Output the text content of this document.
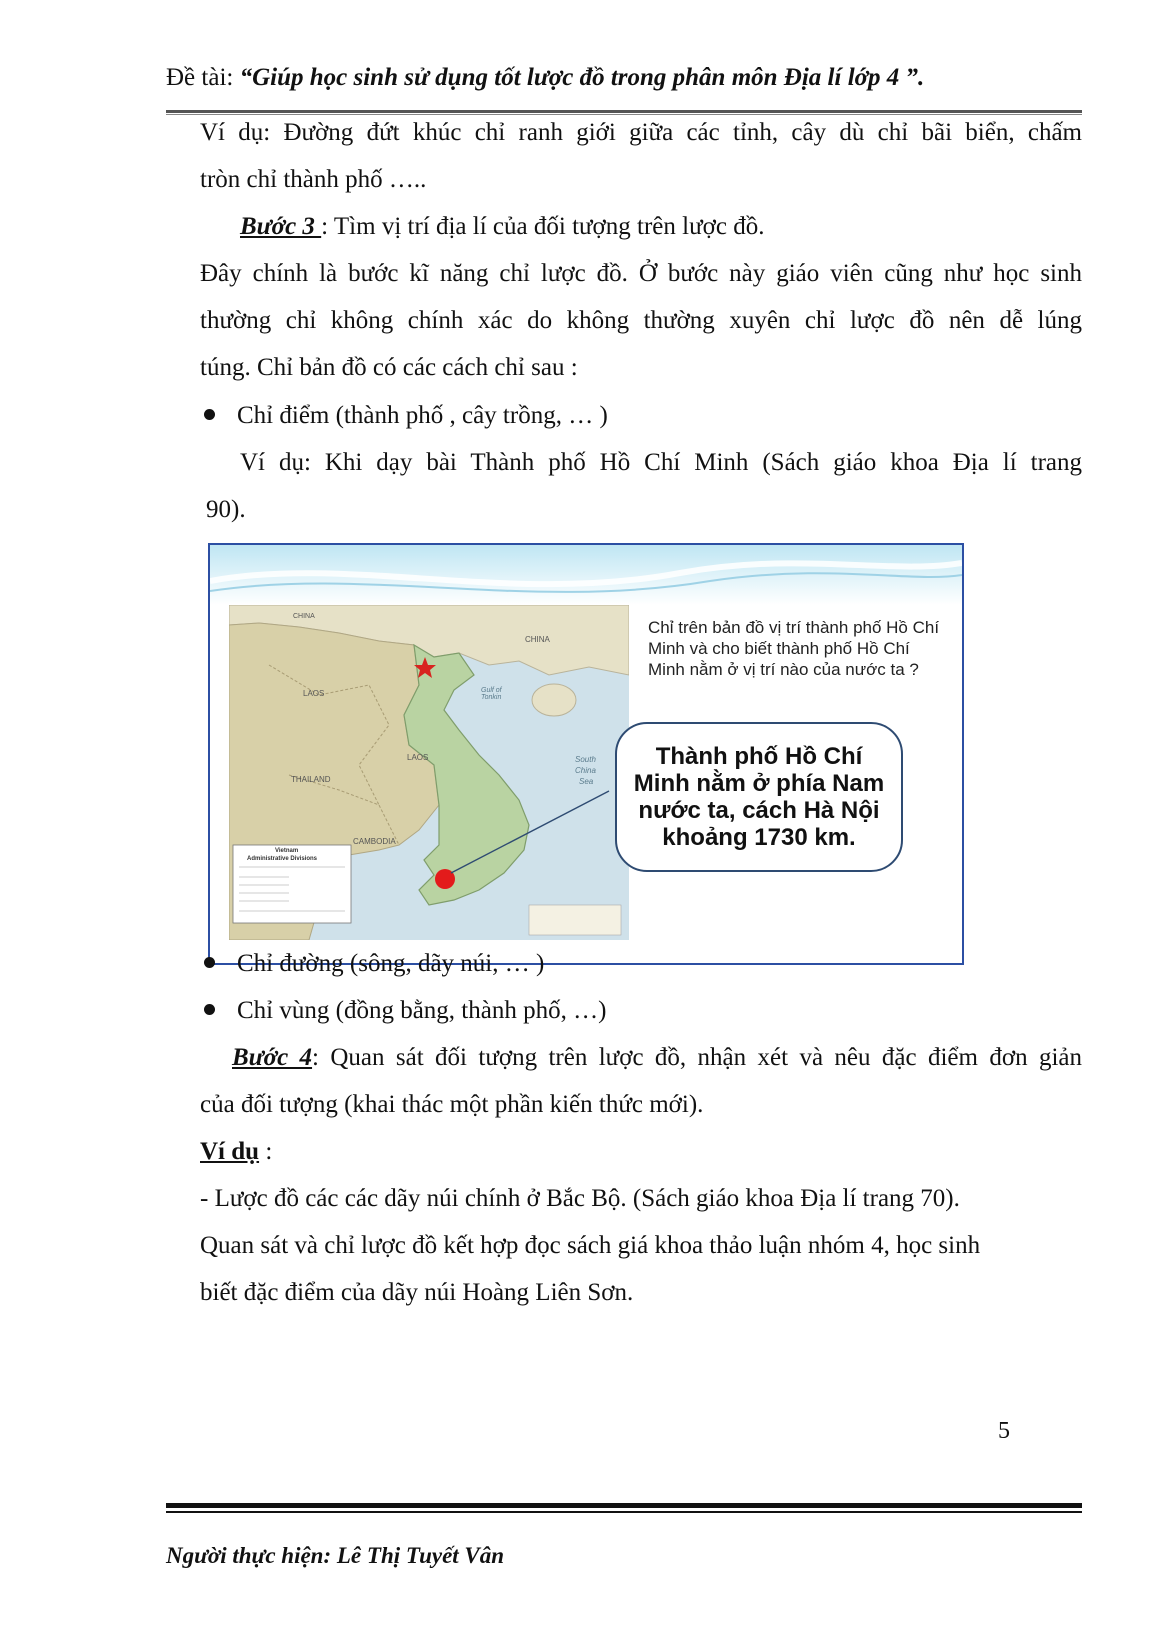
Đề tài: “Giúp học sinh sử dụng tốt lược đồ trong phân môn Địa lí lớp 4 ”.
Ví dụ: Đường đứt khúc chỉ ranh giới giữa các tỉnh, cây dù chỉ bãi biển, chấm
tròn chỉ thành phố …..
Bước 3 : Tìm vị trí địa lí của đối tượng trên lược đồ.
Đây chính là bước kĩ năng chỉ lược đồ. Ở bước này giáo viên cũng như học sinh
thường chỉ không chính xác do không thường xuyên chỉ lược đồ nên dễ lúng
túng. Chỉ bản đồ có các cách chỉ sau :
Chỉ điểm (thành phố , cây trồng, … )
Ví dụ: Khi dạy bài Thành phố Hồ Chí Minh (Sách giáo khoa Địa lí trang
90).
CHINA
CHINA
LAOS
LAOS
THAILAND
CAMBODIA
Gulf of Tonkin
South
China
Sea
Vietnam
Administrative Divisions
Chỉ trên bản đồ vị trí thành phố Hồ Chí Minh và cho biết thành phố Hồ Chí Minh nằm ở vị trí nào của nước ta ?
Thành phố Hồ Chí Minh nằm ở phía Nam nước ta, cách Hà Nội khoảng 1730 km.
Chỉ đường (sông, dãy núi, … )
Chỉ vùng (đồng bằng, thành phố, …)
Bước 4: Quan sát đối tượng trên lược đồ, nhận xét và nêu đặc điểm đơn giản
của đối tượng (khai thác một phần kiến thức mới).
Ví dụ :
- Lược đồ các các dãy núi chính ở Bắc Bộ. (Sách giáo khoa Địa lí trang 70).
Quan sát và chỉ lược đồ kết hợp đọc sách giá khoa thảo luận nhóm 4, học sinh
biết đặc điểm của dãy núi Hoàng Liên Sơn.
5
Người thực hiện: Lê Thị Tuyết Vân
